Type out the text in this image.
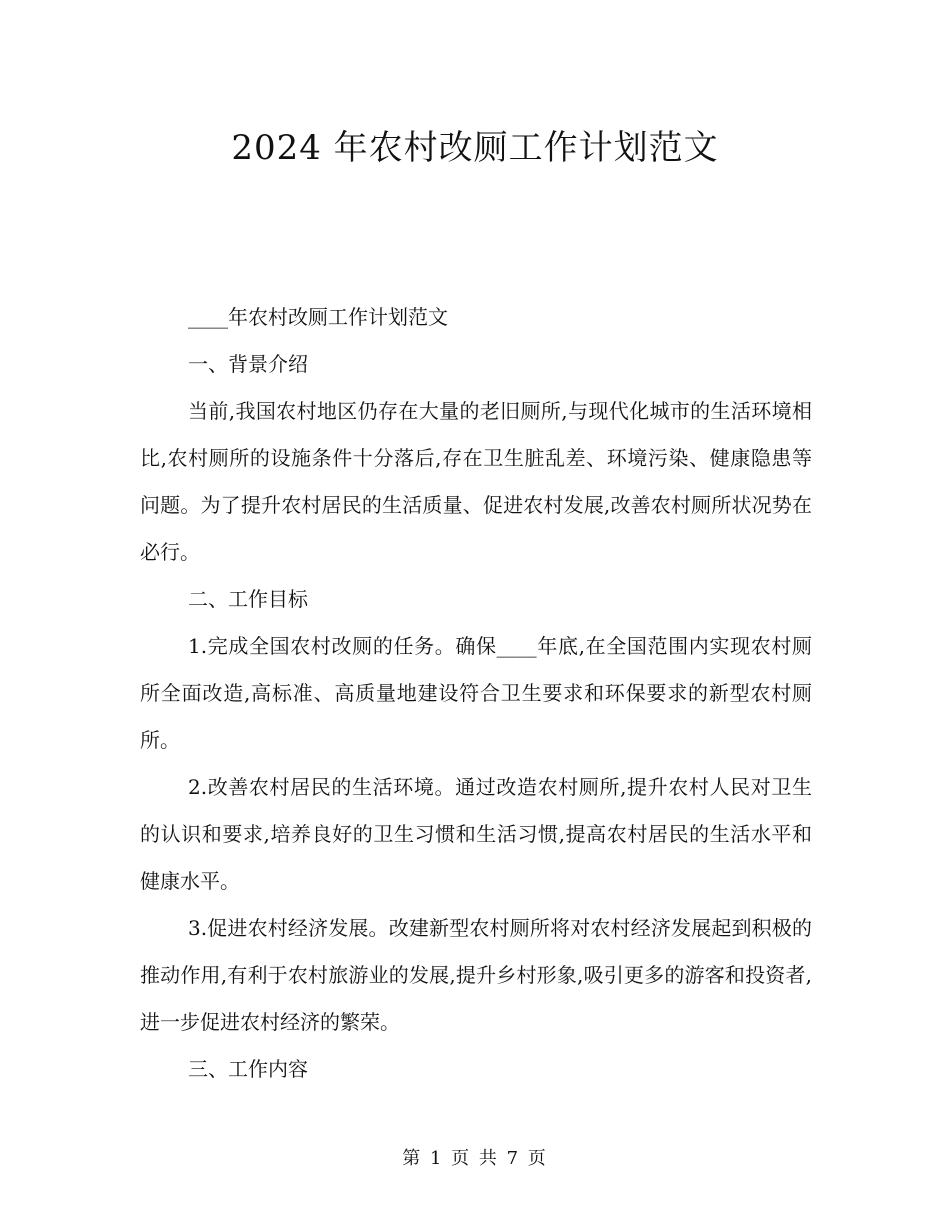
2024 年农村改厕工作计划范文

____年农村改厕工作计划范文

一、背景介绍

当前,我国农村地区仍存在大量的老旧厕所,与现代化城市的生活环境相比,农村厕所的设施条件十分落后,存在卫生脏乱差、环境污染、健康隐患等问题。为了提升农村居民的生活质量、促进农村发展,改善农村厕所状况势在必行。

二、工作目标

1.完成全国农村改厕的任务。确保____年底,在全国范围内实现农村厕所全面改造,高标准、高质量地建设符合卫生要求和环保要求的新型农村厕所。

2.改善农村居民的生活环境。通过改造农村厕所,提升农村人民对卫生的认识和要求,培养良好的卫生习惯和生活习惯,提高农村居民的生活水平和健康水平。

3.促进农村经济发展。改建新型农村厕所将对农村经济发展起到积极的推动作用,有利于农村旅游业的发展,提升乡村形象,吸引更多的游客和投资者,进一步促进农村经济的繁荣。

三、工作内容

第 1 页 共 7 页
